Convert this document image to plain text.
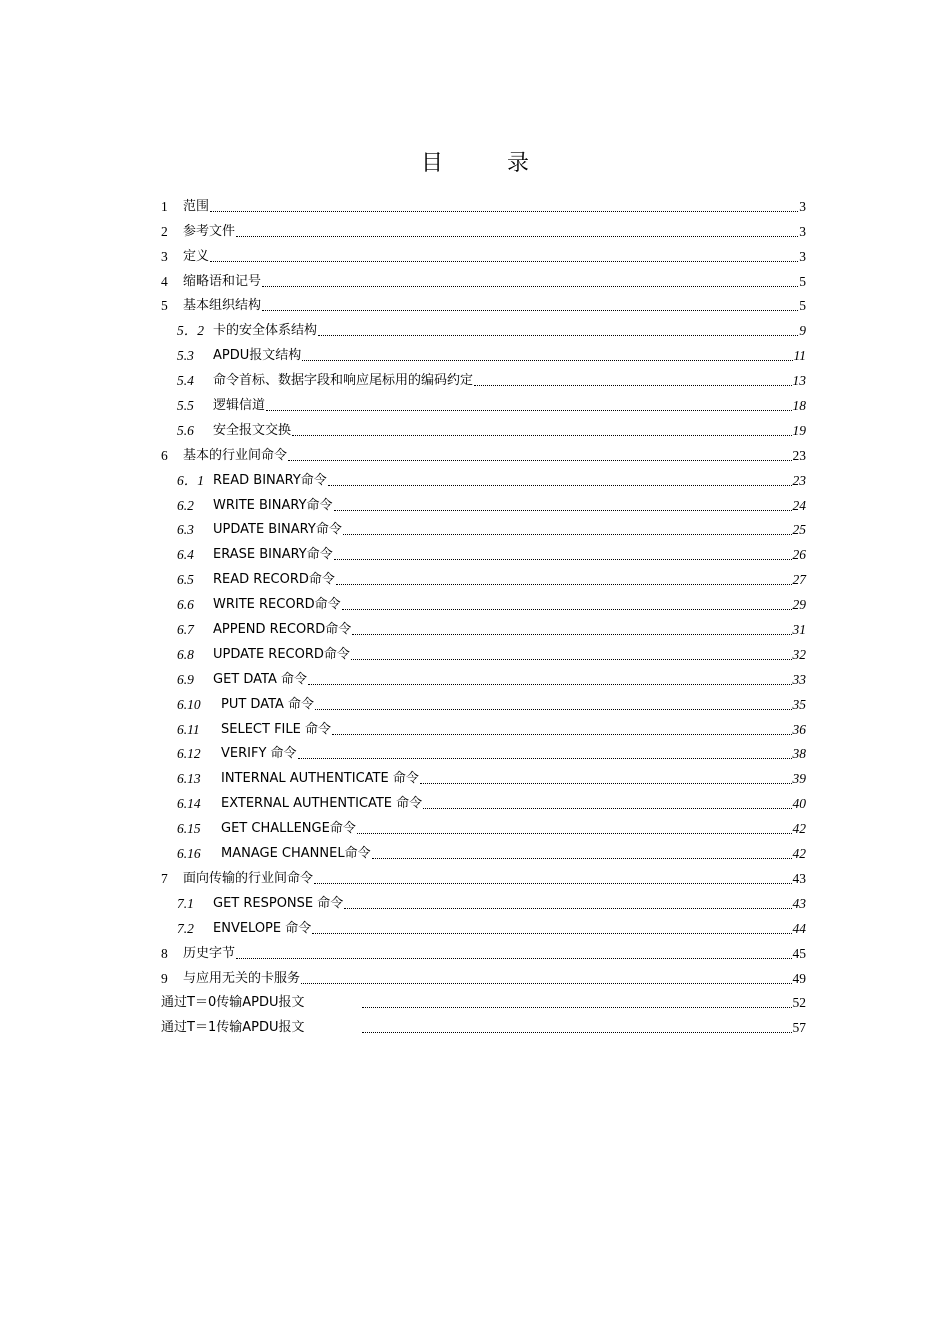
目	录
1	范围	3
2	参考文件	3
3	定义	3
4	缩略语和记号	5
5	基本组织结构	5
5．2 卡的安全体系结构	9
5.3	APDU报文结构	11
5.4	命令首标、数据字段和响应尾标用的编码约定	13
5.5	逻辑信道	18
5.6	安全报文交换	19
6	基本的行业间命令	23
6．1 READ BINARY命令	23
6.2	WRITE BINARY命令	24
6.3	UPDATE BINARY命令	25
6.4	ERASE BINARY命令	26
6.5	READ RECORD命令	27
6.6	WRITE RECORD命令	29
6.7	APPEND RECORD命令	31
6.8	UPDATE RECORD命令	32
6.9	GET DATA 命令	33
6.10	PUT DATA 命令	35
6.11	SELECT FILE 命令	36
6.12	VERIFY 命令	38
6.13	INTERNAL AUTHENTICATE 命令	39
6.14	EXTERNAL AUTHENTICATE 命令	40
6.15	GET CHALLENGE命令	42
6.16	MANAGE CHANNEL命令	42
7	面向传输的行业间命令	43
7.1	GET RESPONSE 命令	43
7.2	ENVELOPE 命令	44
8	历史字节	45
9	与应用无关的卡服务	49
通过T＝0传输APDU报文	52
通过T＝1传输APDU报文	57
